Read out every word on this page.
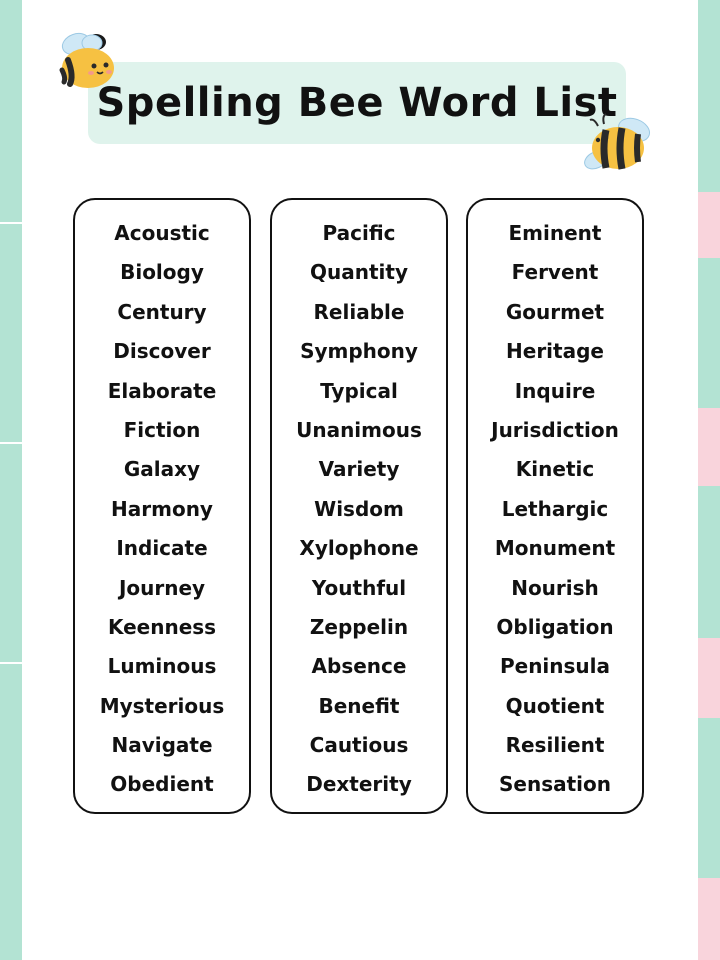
Spelling Bee Word List
Acoustic
Biology
Century
Discover
Elaborate
Fiction
Galaxy
Harmony
Indicate
Journey
Keenness
Luminous
Mysterious
Navigate
Obedient
Pacific
Quantity
Reliable
Symphony
Typical
Unanimous
Variety
Wisdom
Xylophone
Youthful
Zeppelin
Absence
Benefit
Cautious
Dexterity
Eminent
Fervent
Gourmet
Heritage
Inquire
Jurisdiction
Kinetic
Lethargic
Monument
Nourish
Obligation
Peninsula
Quotient
Resilient
Sensation
